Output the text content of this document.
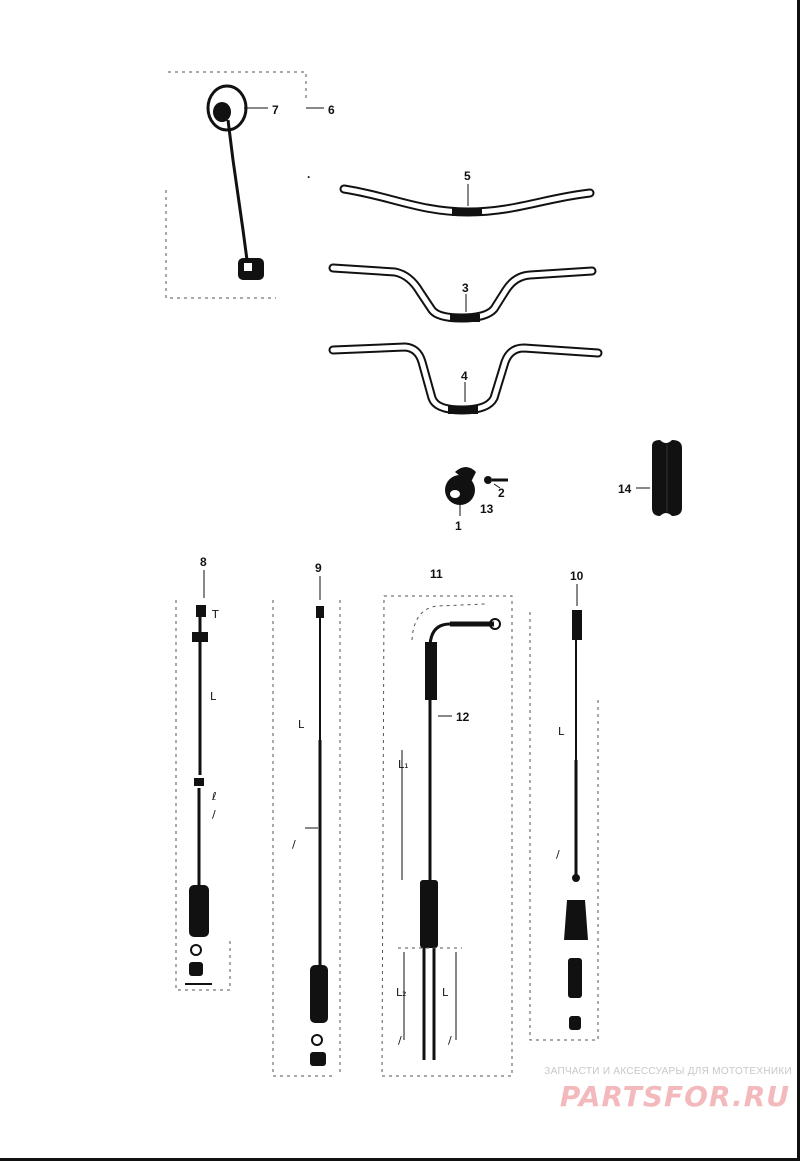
7	6
.	5
3
4
2
13
1
14
8
T
L
ℓ
/
9
L
/
11
12
L₁
L₂	L
/	/
10
L
/
ЗАПЧАСТИ И АКСЕССУАРЫ ДЛЯ МОТОТЕХНИКИ
PARTSFOR.RU
